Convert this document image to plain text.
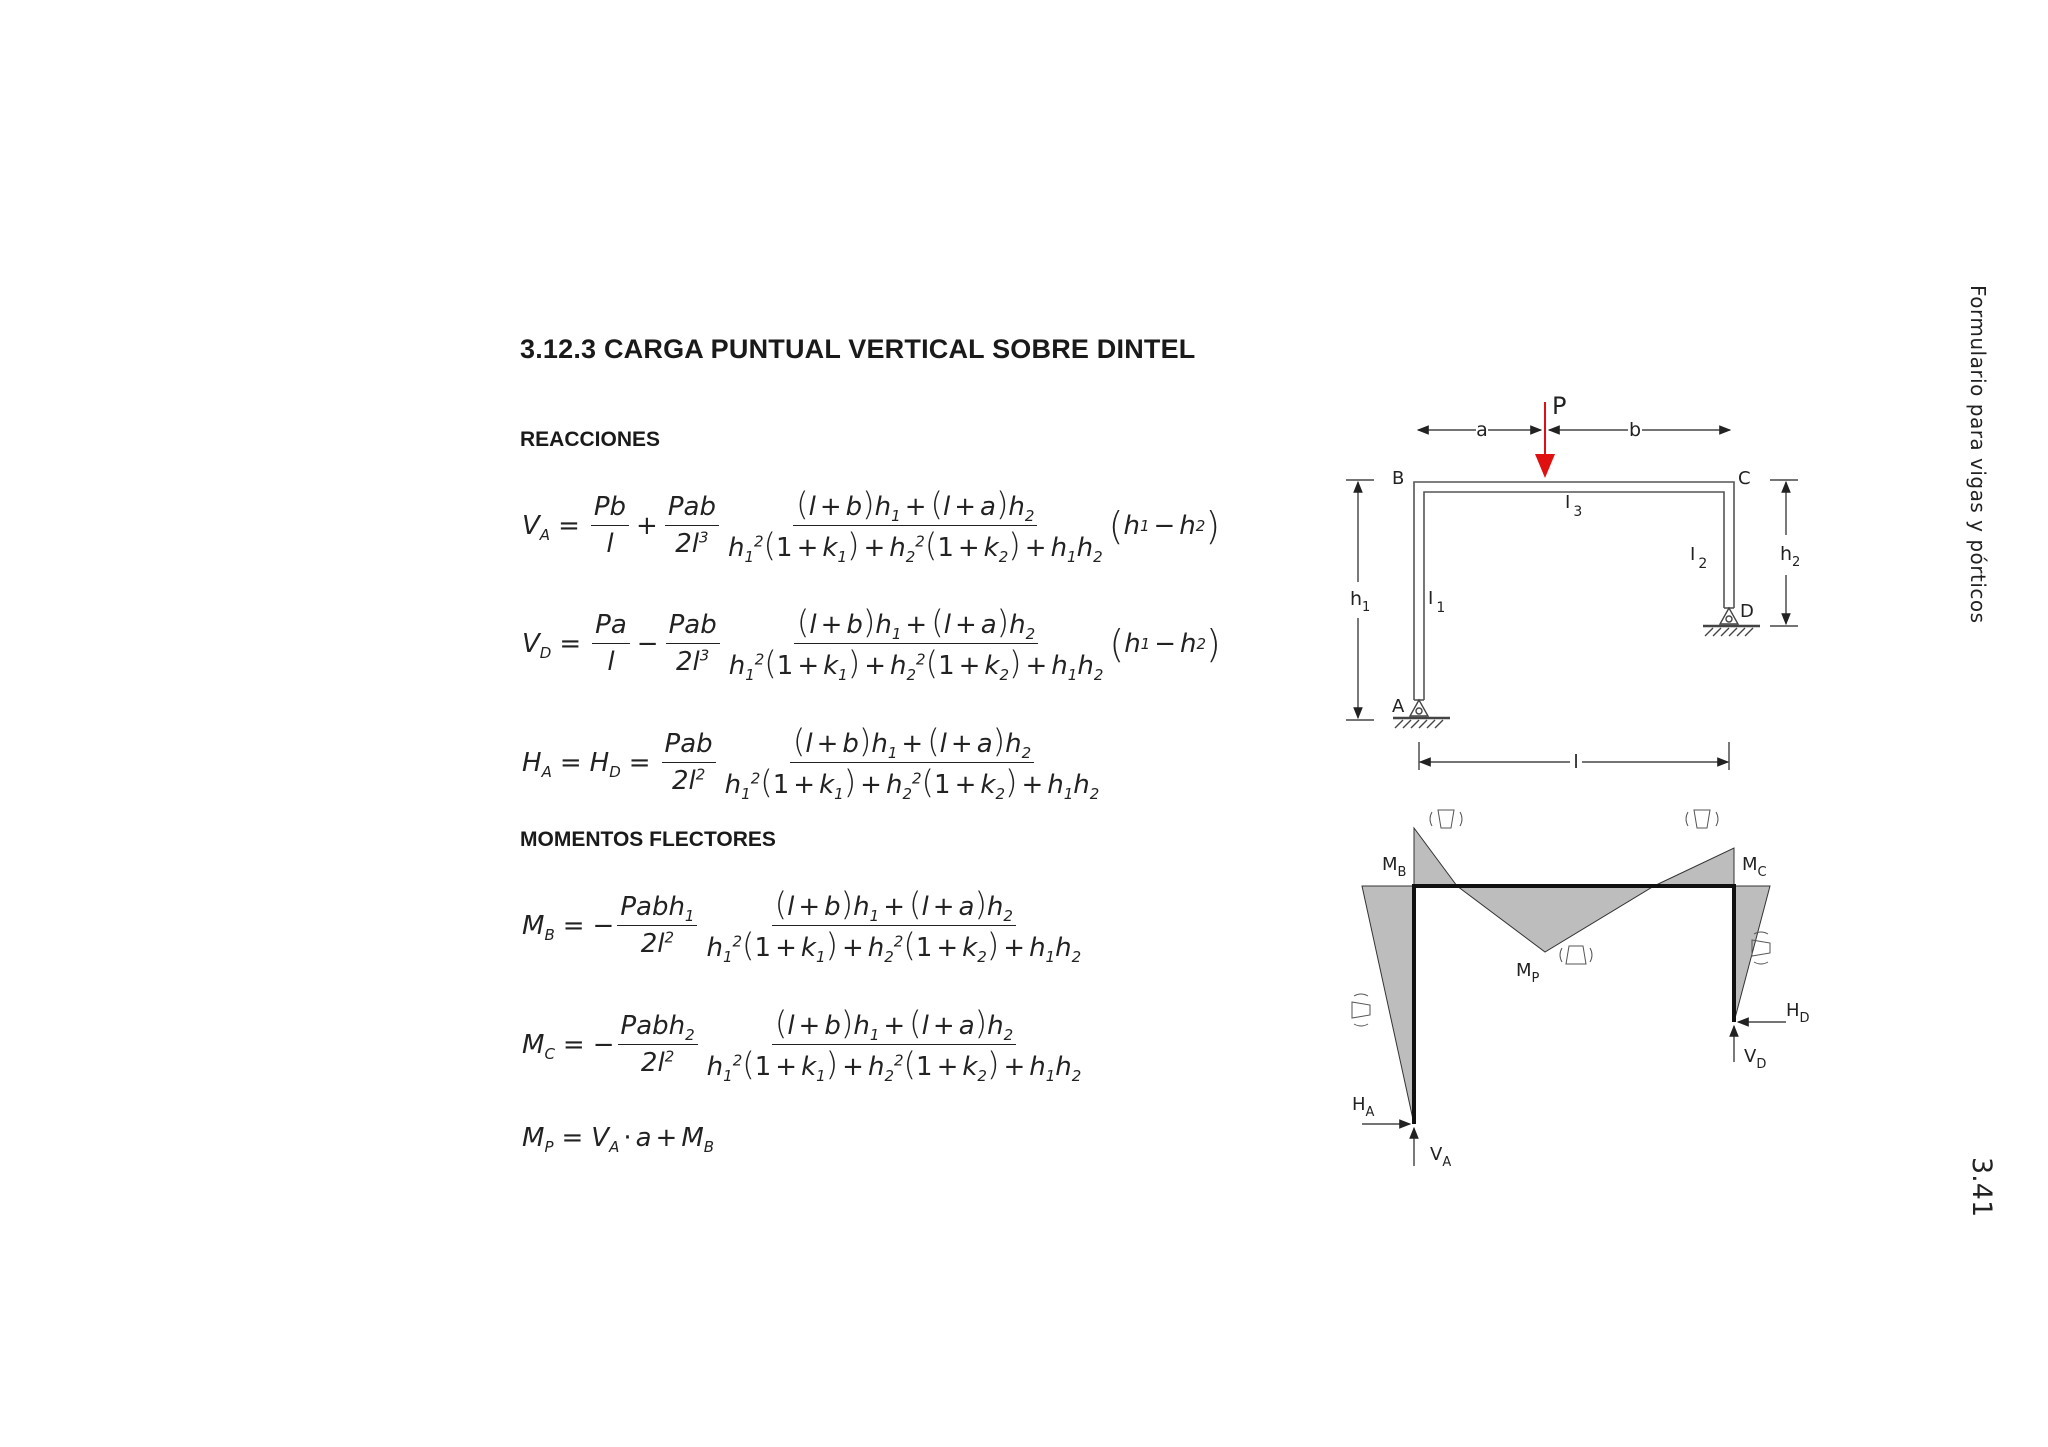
3.12.3 CARGA PUNTUAL VERTICAL SOBRE DINTEL
REACCIONES
MOMENTOS FLECTORES
Formulario para vigas y pórticos
3.41
$V_A = \frac{Pb}{l} + \frac{\text{Pab}}{2l^3} \frac{(l + b)h_1 + (l + a)h_2}{h_1^2(1 + k_1) + h_2^2(1 + k_2) + h_1h_2}$ ( h 1 − h 2 )
$V_D = \frac{Pa}{l} - \frac{\text{Pab}}{2l^3} \frac{(l + b)h_1 + (l + a)h_2}{h_1^2(1 + k_1) + h_2^2(1 + k_2) + h_1h_2}$ ( h 1 − h 2 )
$H_A = H_D = \frac{\text{Pab}}{2l^2} \frac{(l + b)h_1 + (l + a)h_2}{h_1^2(1 + k_1) + h_2^2(1 + k_2) + h_1h_2}$
$M_B$ = − $\frac{Pabh_1}{2l^2} \frac{(l + b)h_1 + (l + a)h_2}{h_1^2(1 + k_1) + h_2^2(1 + k_2) + h_1h_2}$
$M_C$ = − $\frac{Pabh_2}{2l^2} \frac{(l + b)h_1 + (l + a)h_2}{h_1^2(1 + k_1) + h_2^2(1 + k_2) + h_1h_2}$
$M_P = V_A \cdot a + M_B$
P
a	b
l
$h_1$
$h_2$
B	C
A
D
I $_3$
I $_1$
I $_2$
$M_B$	$M_C$
$M_P$
$H_A$
$V_A$
$H_D$
$V_D$
